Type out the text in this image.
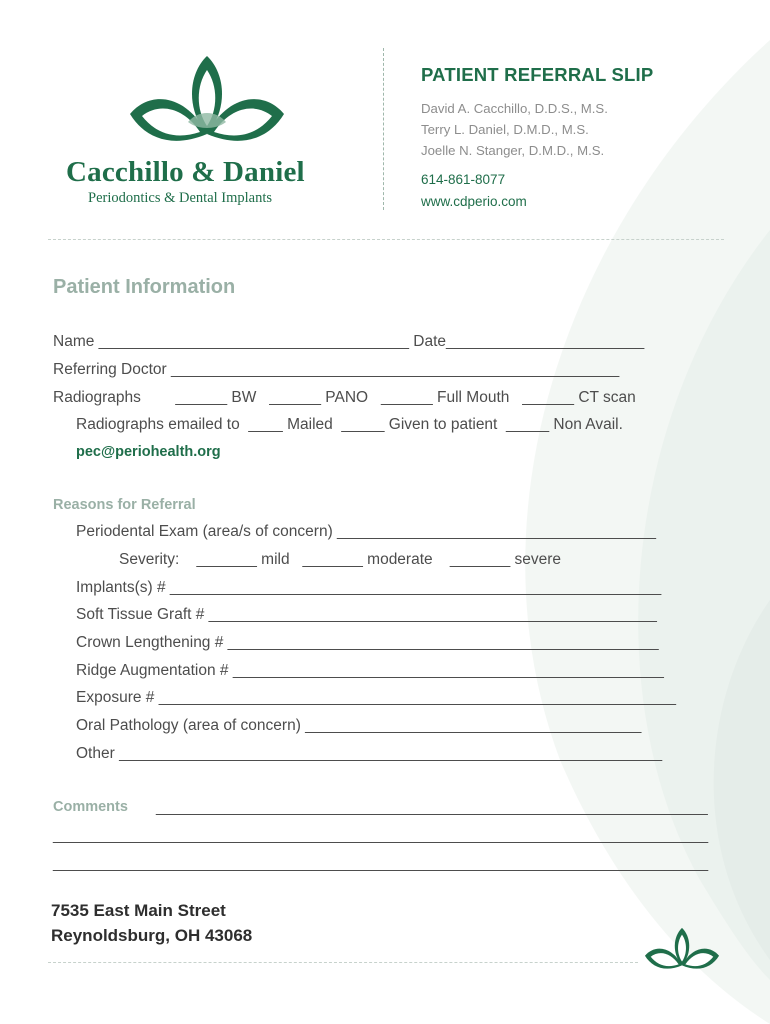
Cacchillo & Daniel
Periodontics & Dental Implants
PATIENT REFERRAL SLIP
David A. Cacchillo, D.D.S., M.S.
Terry L. Daniel, D.M.D., M.S.
Joelle N. Stanger, D.M.D., M.S.
614-861-8077
www.cdperio.com
Patient Information
Name ____________________________________ Date_______________________
Referring Doctor ____________________________________________________
Radiographs        ______ BW   ______ PANO   ______ Full Mouth   ______ CT scan
Radiographs emailed to  ____ Mailed  _____ Given to patient  _____ Non Avail.
pec@periohealth.org
Reasons for Referral
Periodental Exam (area/s of concern) _____________________________________
Severity:    _______ mild   _______ moderate    _______ severe
Implants(s) # _________________________________________________________
Soft Tissue Graft # ____________________________________________________
Crown Lengthening # __________________________________________________
Ridge Augmentation # __________________________________________________
Exposure # ____________________________________________________________
Oral Pathology (area of concern) _______________________________________
Other _______________________________________________________________
Comments ________________________________________________________________
____________________________________________________________________________
____________________________________________________________________________
7535 East Main Street
Reynoldsburg, OH 43068
